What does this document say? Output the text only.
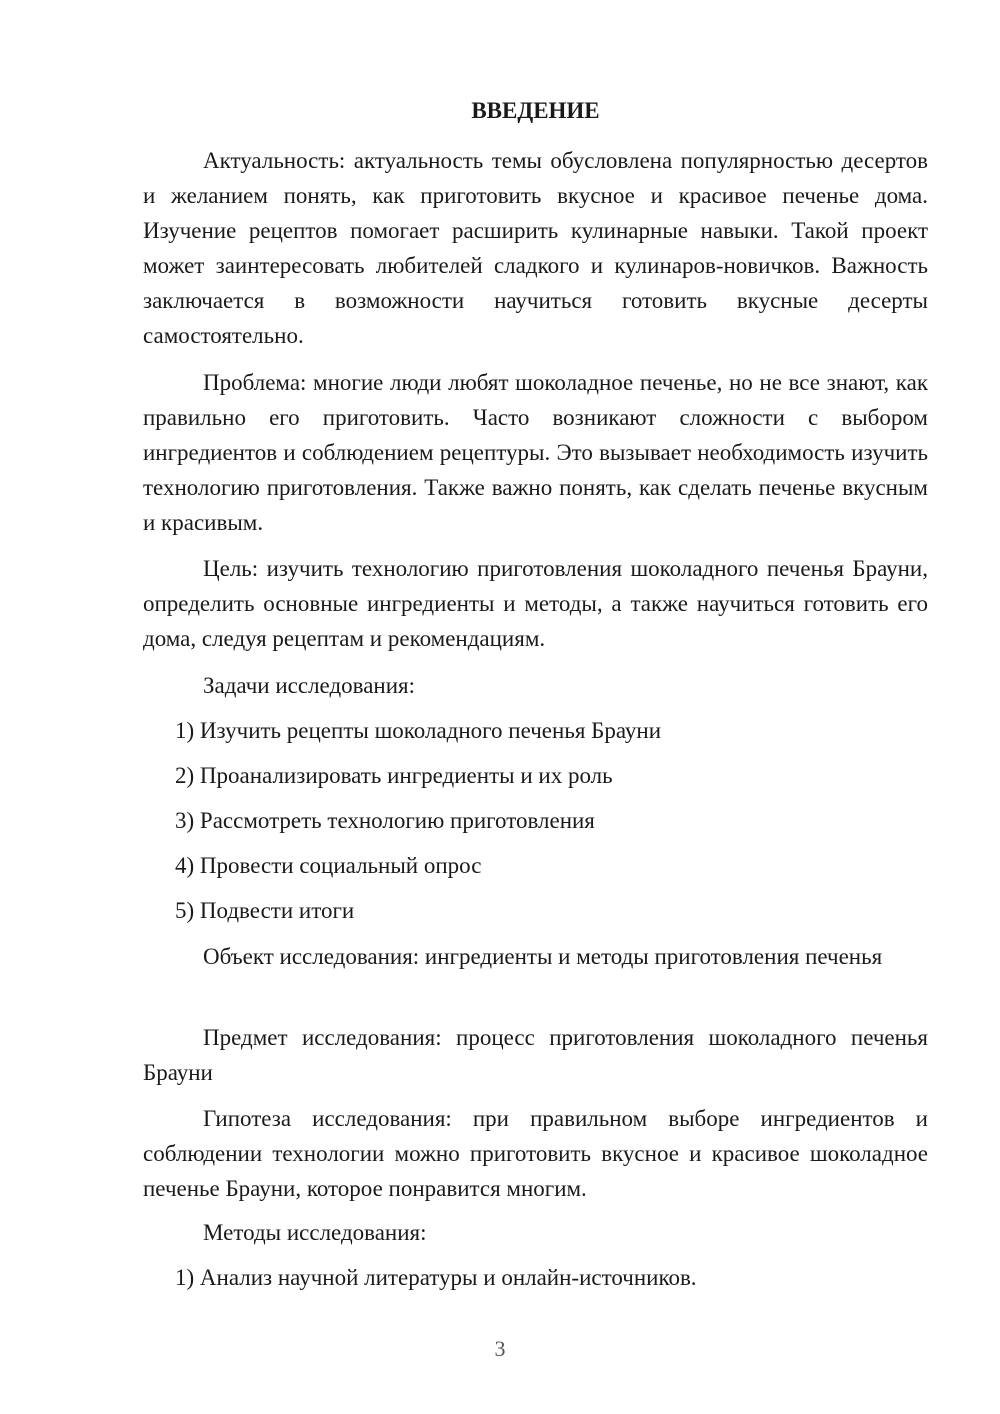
ВВЕДЕНИЕ

Актуальность: актуальность темы обусловлена популярностью десертов и желанием понять, как приготовить вкусное и красивое печенье дома. Изучение рецептов помогает расширить кулинарные навыки. Такой проект может заинтересовать любителей сладкого и кулинаров-новичков. Важность заключается в возможности научиться готовить вкусные десерты самостоятельно.

Проблема: многие люди любят шоколадное печенье, но не все знают, как правильно его приготовить. Часто возникают сложности с выбором ингредиентов и соблюдением рецептуры. Это вызывает необходимость изучить технологию приготовления. Также важно понять, как сделать печенье вкусным и красивым.

Цель: изучить технологию приготовления шоколадного печенья Брауни, определить основные ингредиенты и методы, а также научиться готовить его дома, следуя рецептам и рекомендациям.

Задачи исследования:
1) Изучить рецепты шоколадного печенья Брауни
2) Проанализировать ингредиенты и их роль
3) Рассмотреть технологию приготовления
4) Провести социальный опрос
5) Подвести итоги

Объект исследования: ингредиенты и методы приготовления печенья

Предмет исследования: процесс приготовления шоколадного печенья Брауни

Гипотеза исследования: при правильном выборе ингредиентов и соблюдении технологии можно приготовить вкусное и красивое шоколадное печенье Брауни, которое понравится многим.

Методы исследования:
1) Анализ научной литературы и онлайн-источников.
3
